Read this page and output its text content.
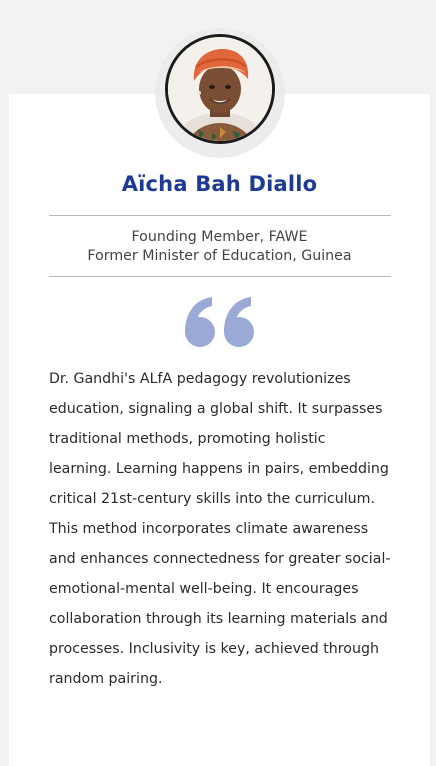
Aïcha Bah Diallo
Founding Member, FAWE
Former Minister of Education, Guinea

Dr. Gandhi's ALfA pedagogy revolutionizes education, signaling a global shift. It surpasses traditional methods, promoting holistic learning. Learning happens in pairs, embedding critical 21st-century skills into the curriculum. This method incorporates climate awareness and enhances connectedness for greater social-emotional-mental well-being. It encourages collaboration through its learning materials and processes. Inclusivity is key, achieved through random pairing.
